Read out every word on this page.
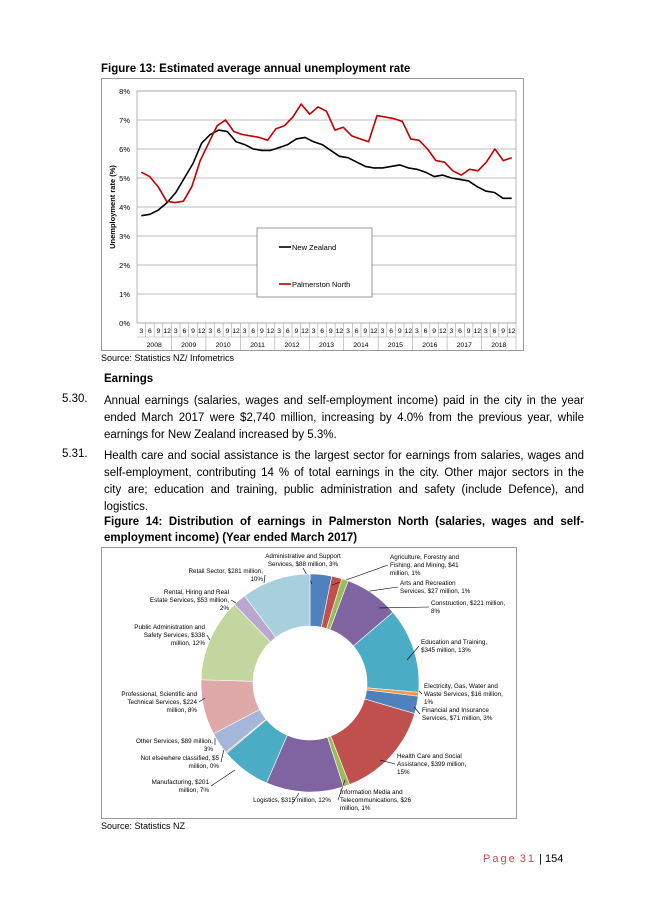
Figure 13: Estimated average annual unemployment rate
0%
1%
2%
3%
4%
5%
6%
7%
8%
Unemployment rate (%)
3 6 9 12 3 6 9 12 3 6 9 12 3 6 9 12 3 6 9 12 3 6 9 12 3 6 9 12 3 6 9 12 3 6 9 12 3 6 9 12 3 6 9 12
2008	2009	2010	2011	2012	2013	2014	2015	2016	2017	2018
New Zealand
Palmerston North
Source: Statistics NZ/ Infometrics
Earnings
5.30. Annual earnings (salaries, wages and self-employment income) paid in the city in the year
ended March 2017 were $2,740 million, increasing by 4.0% from the previous year, while
earnings for New Zealand increased by 5.3%.
5.31. Health care and social assistance is the largest sector for earnings from salaries, wages and
self-employment, contributing 14 % of total earnings in the city. Other major sectors in the
city are; education and training, public administration and safety (include Defence), and
logistics.
Figure 14: Distribution of earnings in Palmerston North (salaries, wages and self-
employment income) (Year ended March 2017)
Administrative and Support
Services, $88 million, 3%
Agriculture, Forestry and
Fishing; and Mining, $41
million, 1%
Arts and Recreation
Services, $27 million, 1%
Construction, $221 million,
8%
Education and Training,
$345 million, 13%
Electricity, Gas, Water and
Waste Services, $16 million,
1%
Financial and Insurance
Services, $71 million, 3%
Health Care and Social
Assistance, $399 million,
15%
Information Media and
Telecommunications, $26
million, 1%
Logistics, $315 million, 12%
Manufacturing, $201
million, 7%
Not elsewhere classified, $5
million, 0%
Other Services, $89 million,
3%
Professional, Scientific and
Technical Services, $224
million, 8%
Public Administration and
Safety Services, $338
million, 12%
Rental, Hiring and Real
Estate Services, $53 million,
2%
Retail Sector, $281 million,
10%
Source: Statistics NZ
Page 31 | 154
